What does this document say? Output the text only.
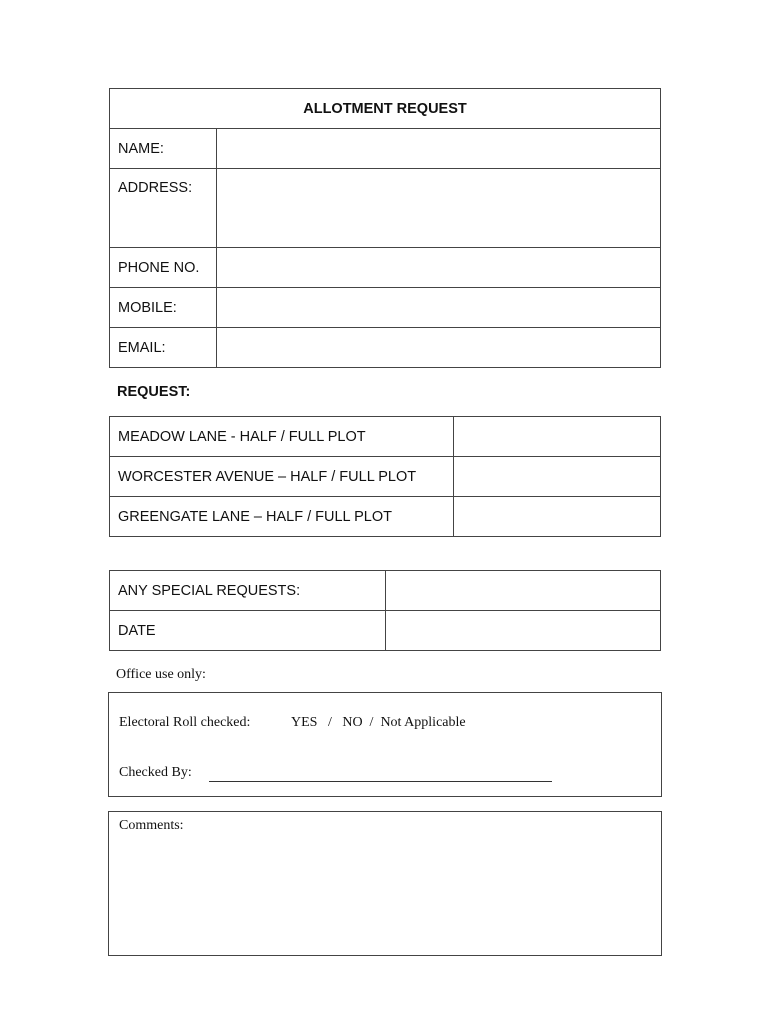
ALLOTMENT REQUEST	
NAME:	
ADDRESS:	
PHONE NO.	
MOBILE:	
EMAIL:	
REQUEST:
MEADOW LANE - HALF / FULL PLOT	
WORCESTER AVENUE – HALF / FULL PLOT	
GREENGATE LANE – HALF / FULL PLOT	
ANY SPECIAL REQUESTS:	
DATE	
Office use only:
Electoral Roll checked:	YES   /   NO  /  Not Applicable
Checked By:
Comments:
